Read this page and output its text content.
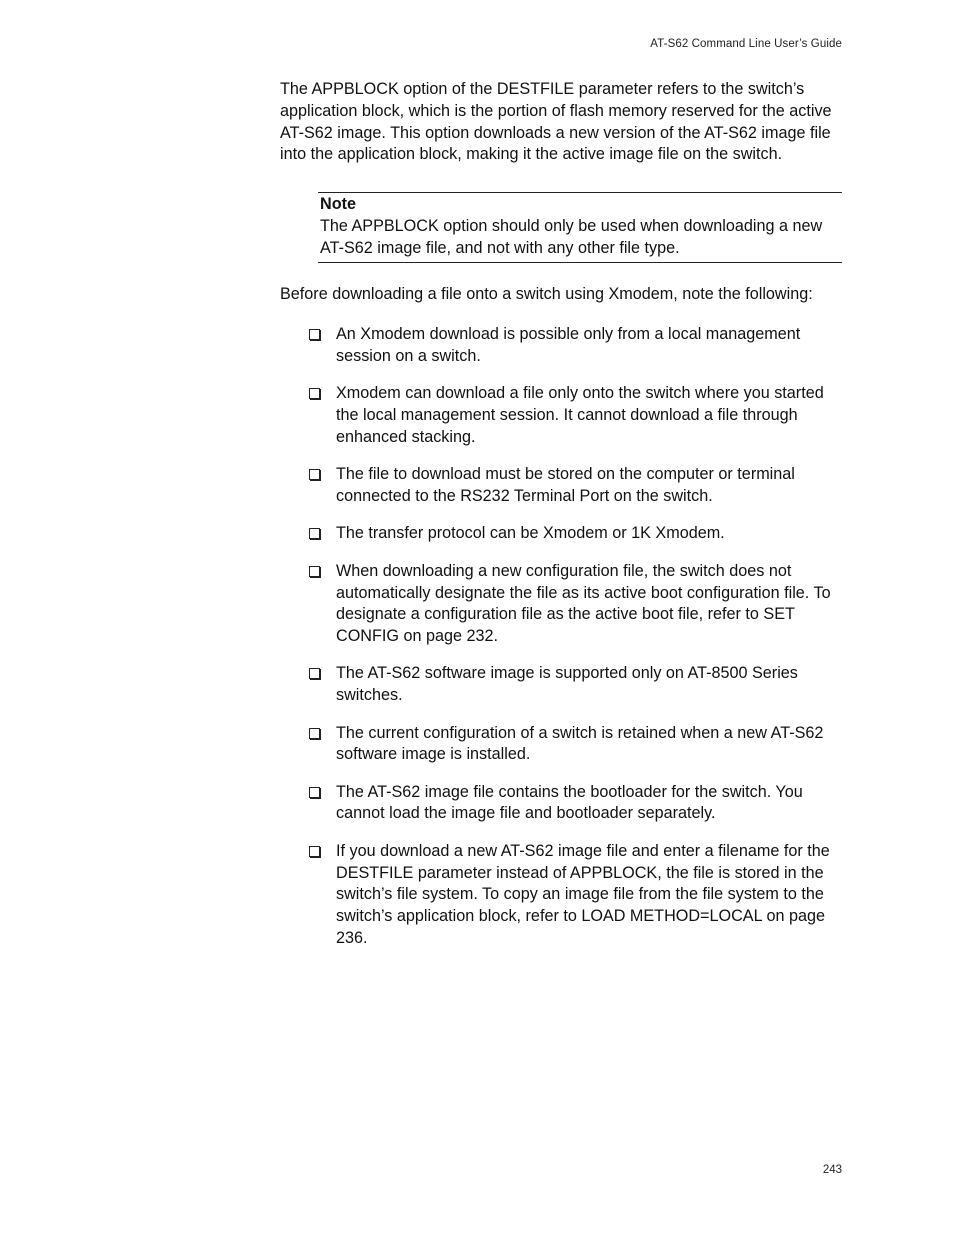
AT-S62 Command Line User’s Guide

The APPBLOCK option of the DESTFILE parameter refers to the switch’s application block, which is the portion of flash memory reserved for the active AT-S62 image. This option downloads a new version of the AT-S62 image file into the application block, making it the active image file on the switch.

Note
The APPBLOCK option should only be used when downloading a new AT-S62 image file, and not with any other file type.

Before downloading a file onto a switch using Xmodem, note the following:

An Xmodem download is possible only from a local management session on a switch.
Xmodem can download a file only onto the switch where you started the local management session. It cannot download a file through enhanced stacking.
The file to download must be stored on the computer or terminal connected to the RS232 Terminal Port on the switch.
The transfer protocol can be Xmodem or 1K Xmodem.
When downloading a new configuration file, the switch does not automatically designate the file as its active boot configuration file. To designate a configuration file as the active boot file, refer to SET CONFIG on page 232.
The AT-S62 software image is supported only on AT-8500 Series switches.
The current configuration of a switch is retained when a new AT-S62 software image is installed.
The AT-S62 image file contains the bootloader for the switch. You cannot load the image file and bootloader separately.
If you download a new AT-S62 image file and enter a filename for the DESTFILE parameter instead of APPBLOCK, the file is stored in the switch’s file system. To copy an image file from the file system to the switch’s application block, refer to LOAD METHOD=LOCAL on page 236.
243
